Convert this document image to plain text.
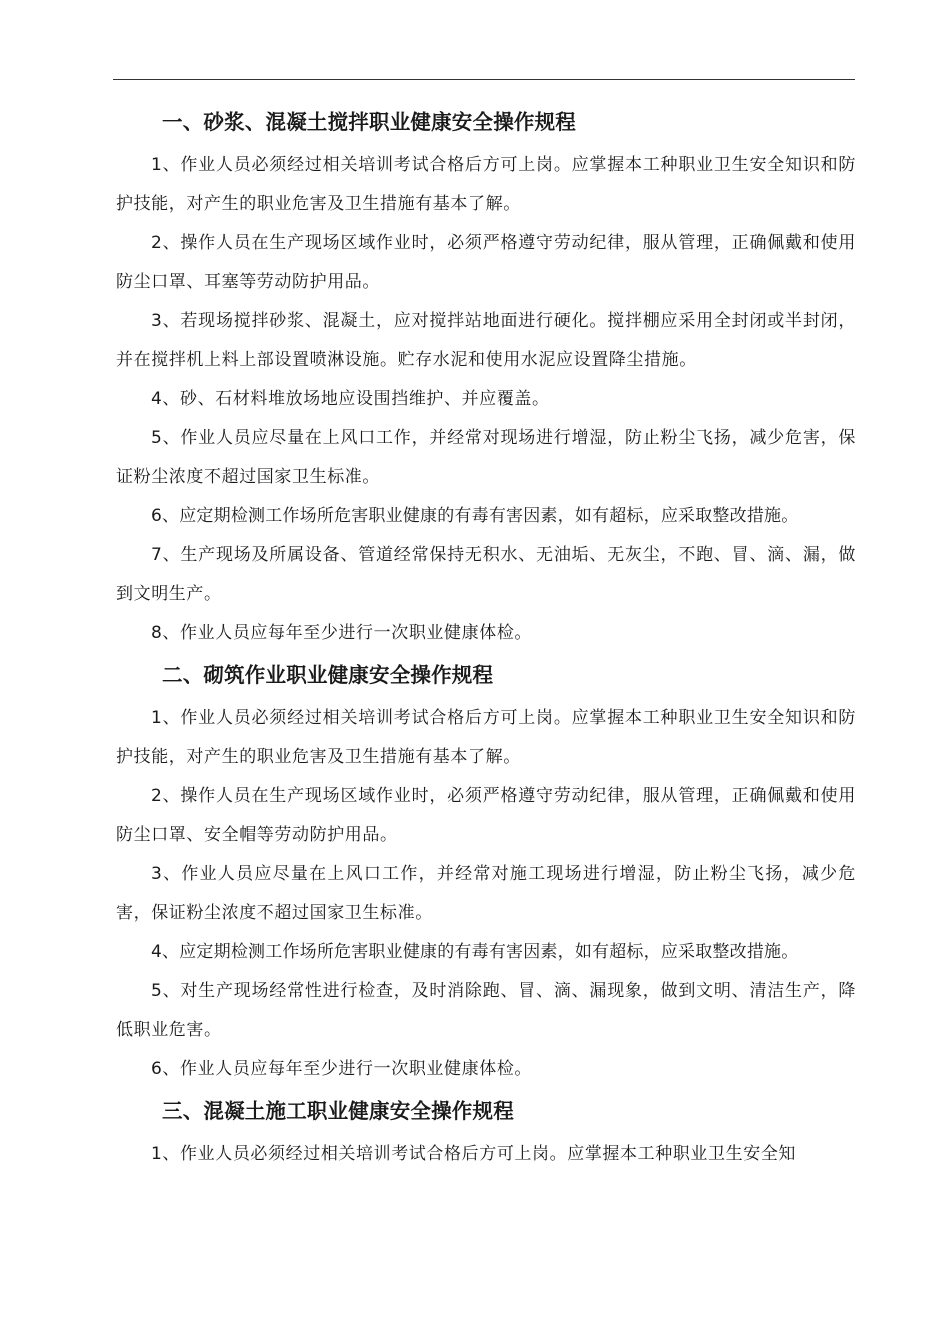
一、砂浆、混凝土搅拌职业健康安全操作规程

1、作业人员必须经过相关培训考试合格后方可上岗。应掌握本工种职业卫生安全知识和防护技能，对产生的职业危害及卫生措施有基本了解。

2、操作人员在生产现场区域作业时，必须严格遵守劳动纪律，服从管理，正确佩戴和使用防尘口罩、耳塞等劳动防护用品。

3、若现场搅拌砂浆、混凝土，应对搅拌站地面进行硬化。搅拌棚应采用全封闭或半封闭，并在搅拌机上料上部设置喷淋设施。贮存水泥和使用水泥应设置降尘措施。

4、砂、石材料堆放场地应设围挡维护、并应覆盖。

5、作业人员应尽量在上风口工作，并经常对现场进行增湿，防止粉尘飞扬，减少危害，保证粉尘浓度不超过国家卫生标准。

6、应定期检测工作场所危害职业健康的有毒有害因素，如有超标，应采取整改措施。

7、生产现场及所属设备、管道经常保持无积水、无油垢、无灰尘，不跑、冒、滴、漏，做到文明生产。

8、作业人员应每年至少进行一次职业健康体检。

二、砌筑作业职业健康安全操作规程

1、作业人员必须经过相关培训考试合格后方可上岗。应掌握本工种职业卫生安全知识和防护技能，对产生的职业危害及卫生措施有基本了解。

2、操作人员在生产现场区域作业时，必须严格遵守劳动纪律，服从管理，正确佩戴和使用防尘口罩、安全帽等劳动防护用品。

3、作业人员应尽量在上风口工作，并经常对施工现场进行增湿，防止粉尘飞扬，减少危害，保证粉尘浓度不超过国家卫生标准。

4、应定期检测工作场所危害职业健康的有毒有害因素，如有超标，应采取整改措施。

5、对生产现场经常性进行检查，及时消除跑、冒、滴、漏现象，做到文明、清洁生产，降低职业危害。

6、作业人员应每年至少进行一次职业健康体检。

三、混凝土施工职业健康安全操作规程

1、作业人员必须经过相关培训考试合格后方可上岗。应掌握本工种职业卫生安全知
